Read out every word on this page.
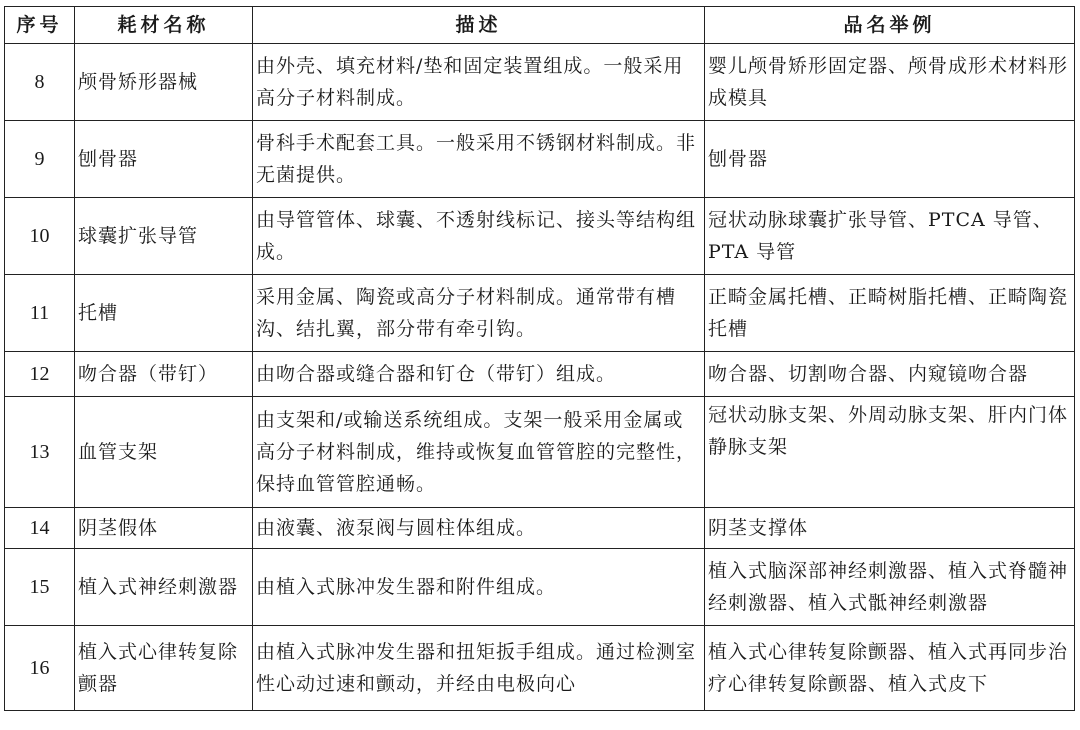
序号	耗材名称	描述	品名举例
8	颅骨矫形器械	由外壳、填充材料/垫和固定装置组成。一般采用高分子材料制成。	婴儿颅骨矫形固定器、颅骨成形术材料形成模具
9	刨骨器	骨科手术配套工具。一般采用不锈钢材料制成。非无菌提供。	刨骨器
10	球囊扩张导管	由导管管体、球囊、不透射线标记、接头等结构组成。	冠状动脉球囊扩张导管、PTCA 导管、PTA 导管
11	托槽	采用金属、陶瓷或高分子材料制成。通常带有槽沟、结扎翼，部分带有牵引钩。	正畸金属托槽、正畸树脂托槽、正畸陶瓷托槽
12	吻合器（带钉）	由吻合器或缝合器和钉仓（带钉）组成。	吻合器、切割吻合器、内窥镜吻合器
13	血管支架	由支架和/或输送系统组成。支架一般采用金属或高分子材料制成，维持或恢复血管管腔的完整性，保持血管管腔通畅。	冠状动脉支架、外周动脉支架、肝内门体静脉支架
14	阴茎假体	由液囊、液泵阀与圆柱体组成。	阴茎支撑体
15	植入式神经刺激器	由植入式脉冲发生器和附件组成。	植入式脑深部神经刺激器、植入式脊髓神经刺激器、植入式骶神经刺激器
16	植入式心律转复除颤器	由植入式脉冲发生器和扭矩扳手组成。通过检测室性心动过速和颤动，并经由电极向心	植入式心律转复除颤器、植入式再同步治疗心律转复除颤器、植入式皮下
